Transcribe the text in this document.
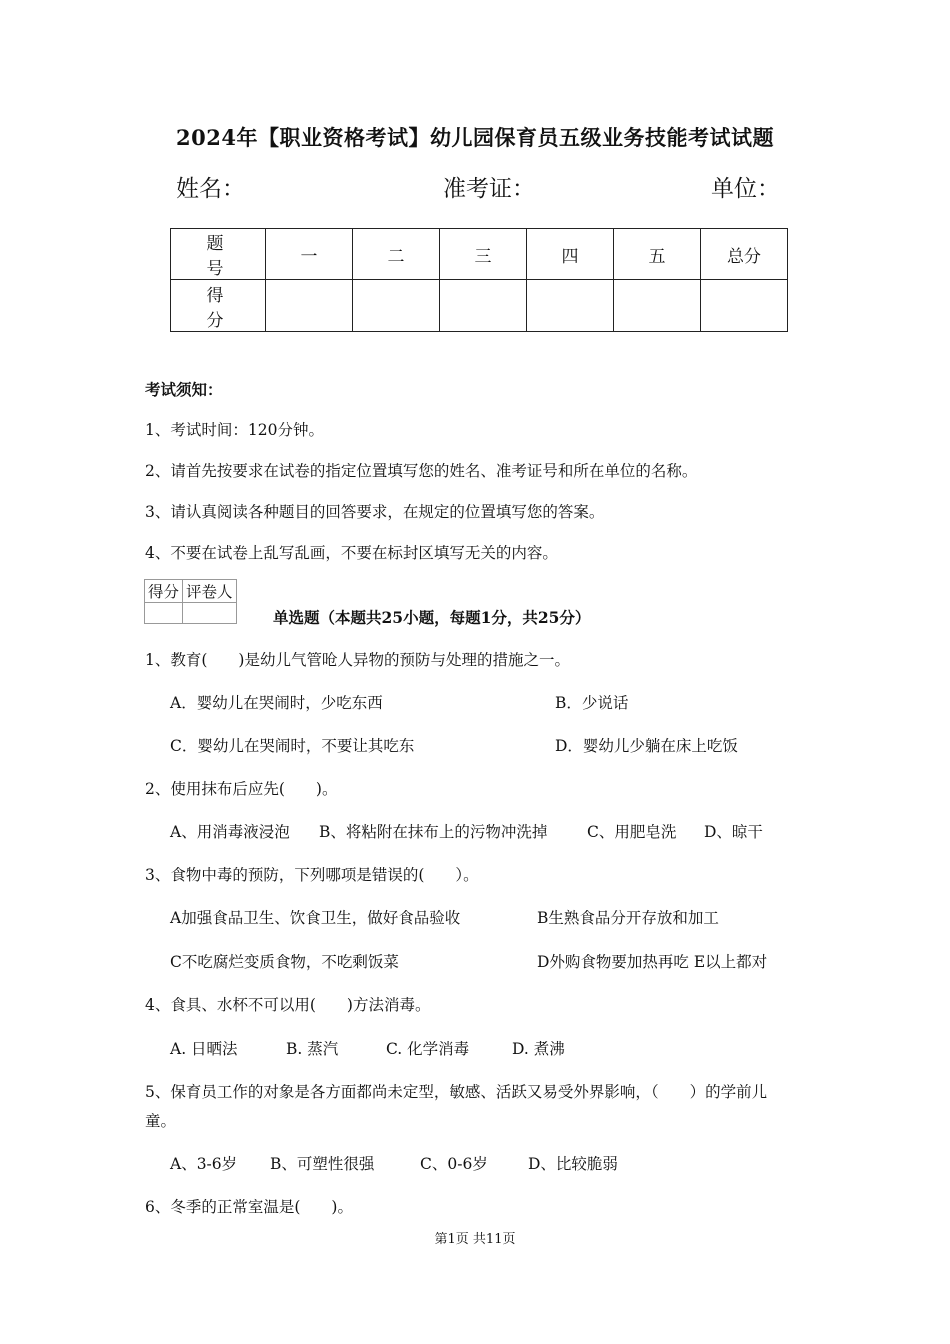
2024年【职业资格考试】幼儿园保育员五级业务技能考试试题
姓名：	准考证：	单位：
题　号	一	二	三	四	五	总分
得　分						
考试须知：
1、考试时间：120分钟。
2、请首先按要求在试卷的指定位置填写您的姓名、准考证号和所在单位的名称。
3、请认真阅读各种题目的回答要求，在规定的位置填写您的答案。
4、不要在试卷上乱写乱画，不要在标封区填写无关的内容。
得分	评卷人

单选题（本题共25小题，每题1分，共25分）
1、教育(　　)是幼儿气管呛人异物的预防与处理的措施之一。
A．婴幼儿在哭闹时，少吃东西	B．少说话
C．婴幼儿在哭闹时，不要让其吃东	D．婴幼儿少躺在床上吃饭
2、使用抹布后应先(　　)。
A、用消毒液浸泡 B、将粘附在抹布上的污物冲洗掉	C、用肥皂洗 D、晾干
3、食物中毒的预防，下列哪项是错误的(　　）。
A加强食品卫生、饮食卫生，做好食品验收	B生熟食品分开存放和加工
C不吃腐烂变质食物，不吃剩饭菜	D外购食物要加热再吃 E以上都对
4、食具、水杯不可以用(　　)方法消毒。
A. 日晒法	B. 蒸汽	C. 化学消毒	D. 煮沸
5、保育员工作的对象是各方面都尚未定型，敏感、活跃又易受外界影响，（　　）的学前儿
童。
A、3-6岁 B、可塑性很强	C、0-6岁	D、比较脆弱
6、冬季的正常室温是(　　)。
第1页 共11页
